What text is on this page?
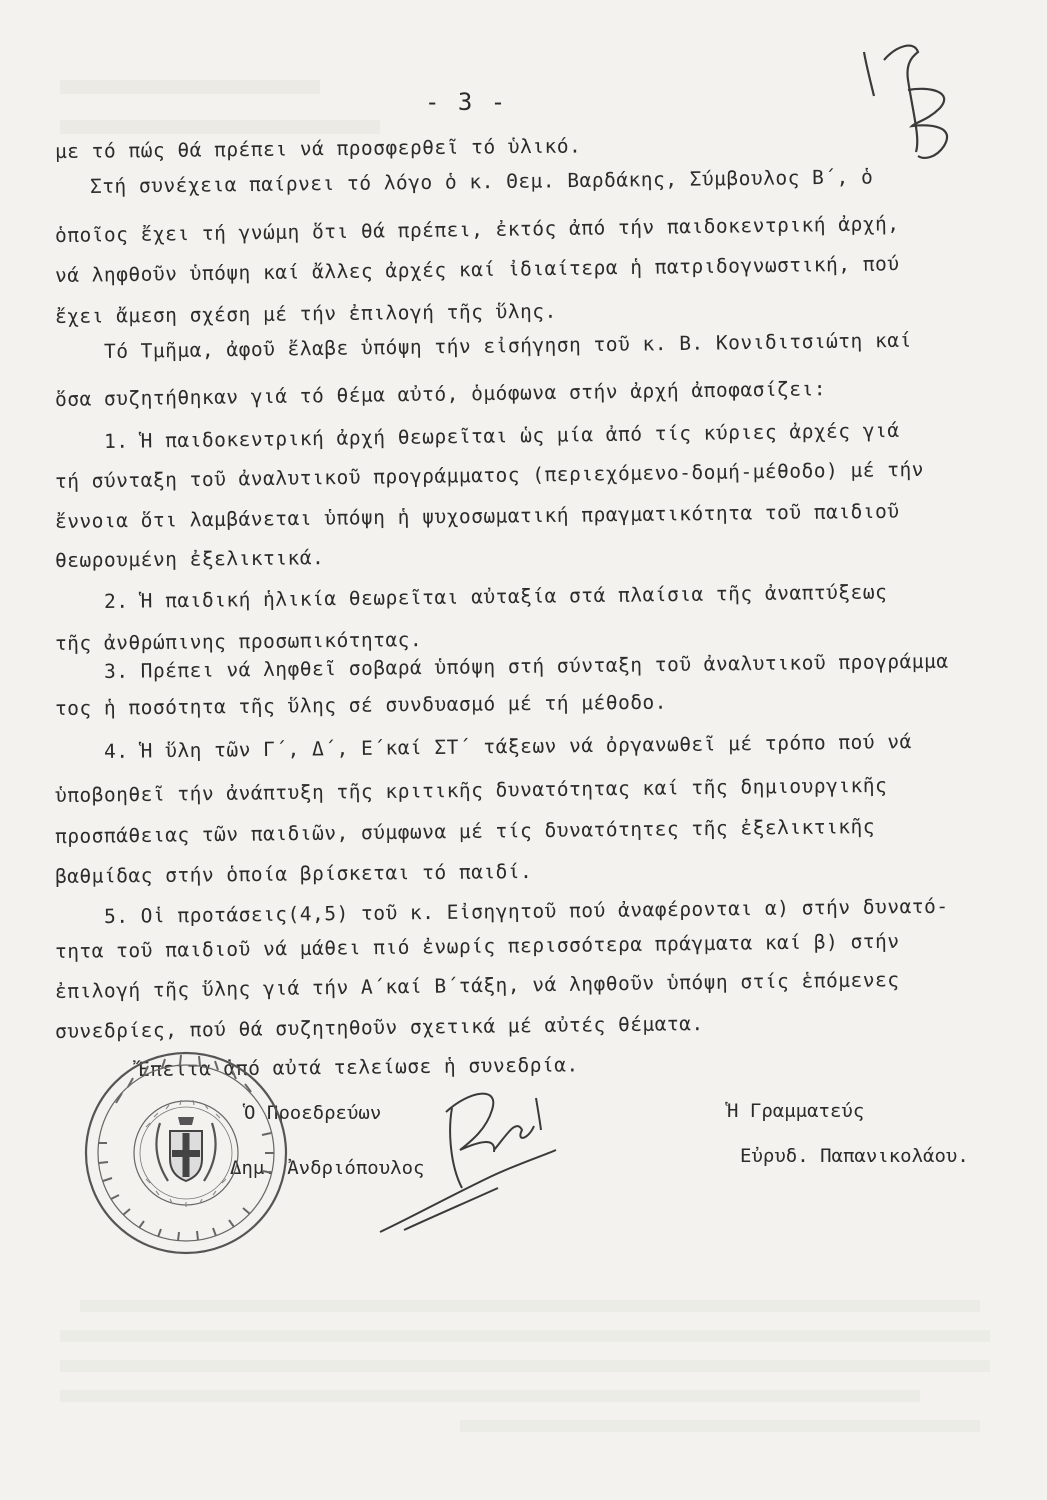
- 3 -
με τό πώς θά πρέπει νά προσφερθεῖ τό ὑλικό.
Στή συνέχεια παίρνει τό λόγο ὁ κ. Θεμ. Βαρδάκης, Σύμβουλος Β΄, ὁ
ὁποῖος ἔχει τή γνώμη ὅτι θά πρέπει, ἐκτός ἀπό τήν παιδοκεντρική ἀρχή,
νά ληφθοῦν ὑπόψη καί ἄλλες ἀρχές καί ἰδιαίτερα ἡ πατριδογνωστική, πού
ἔχει ἄμεση σχέση μέ τήν ἐπιλογή τῆς ὕλης.
Τό Τμῆμα, ἀφοῦ ἔλαβε ὑπόψη τήν εἰσήγηση τοῦ κ. Β. Κονιδιτσιώτη καί
ὅσα συζητήθηκαν γιά τό θέμα αὐτό, ὁμόφωνα στήν ἀρχή ἀποφασίζει:
1. Ἡ παιδοκεντρική ἀρχή θεωρεῖται ὡς μία ἀπό τίς κύριες ἀρχές γιά
τή σύνταξη τοῦ ἀναλυτικοῦ προγράμματος (περιεχόμενο-δομή-μέθοδο) μέ τήν
ἔννοια ὅτι λαμβάνεται ὑπόψη ἡ ψυχοσωματική πραγματικότητα τοῦ παιδιοῦ
θεωρουμένη ἐξελικτικά.
2. Ἡ παιδική ἡλικία θεωρεῖται αὐταξία στά πλαίσια τῆς ἀναπτύξεως
τῆς ἀνθρώπινης προσωπικότητας.
3. Πρέπει νά ληφθεῖ σοβαρά ὑπόψη στή σύνταξη τοῦ ἀναλυτικοῦ προγράμμα
τος ἡ ποσότητα τῆς ὕλης σέ συνδυασμό μέ τή μέθοδο.
4. Ἡ ὕλη τῶν Γ΄, Δ΄, Ε΄καί ΣΤ΄ τάξεων νά ὀργανωθεῖ μέ τρόπο πού νά
ὑποβοηθεῖ τήν ἀνάπτυξη τῆς κριτικῆς δυνατότητας καί τῆς δημιουργικῆς
προσπάθειας τῶν παιδιῶν, σύμφωνα μέ τίς δυνατότητες τῆς ἐξελικτικῆς
βαθμίδας στήν ὁποία βρίσκεται τό παιδί.
5. Οἱ προτάσεις(4,5) τοῦ κ. Εἰσηγητοῦ πού ἀναφέρονται α) στήν δυνατό-
τητα τοῦ παιδιοῦ νά μάθει πιό ἐνωρίς περισσότερα πράγματα καί β) στήν
ἐπιλογή τῆς ὕλης γιά τήν Α΄καί Β΄τάξη, νά ληφθοῦν ὑπόψη στίς ἑπόμενες
συνεδρίες, πού θά συζητηθοῦν σχετικά μέ αὐτές θέματα.
Ἔπειτα ἀπό αὐτά τελείωσε ἡ συνεδρία.
Ὁ Προεδρεύων
Δημ. Ἀνδριόπουλος
Ἡ Γραμματεύς
Εὐρυδ. Παπανικολάου.
